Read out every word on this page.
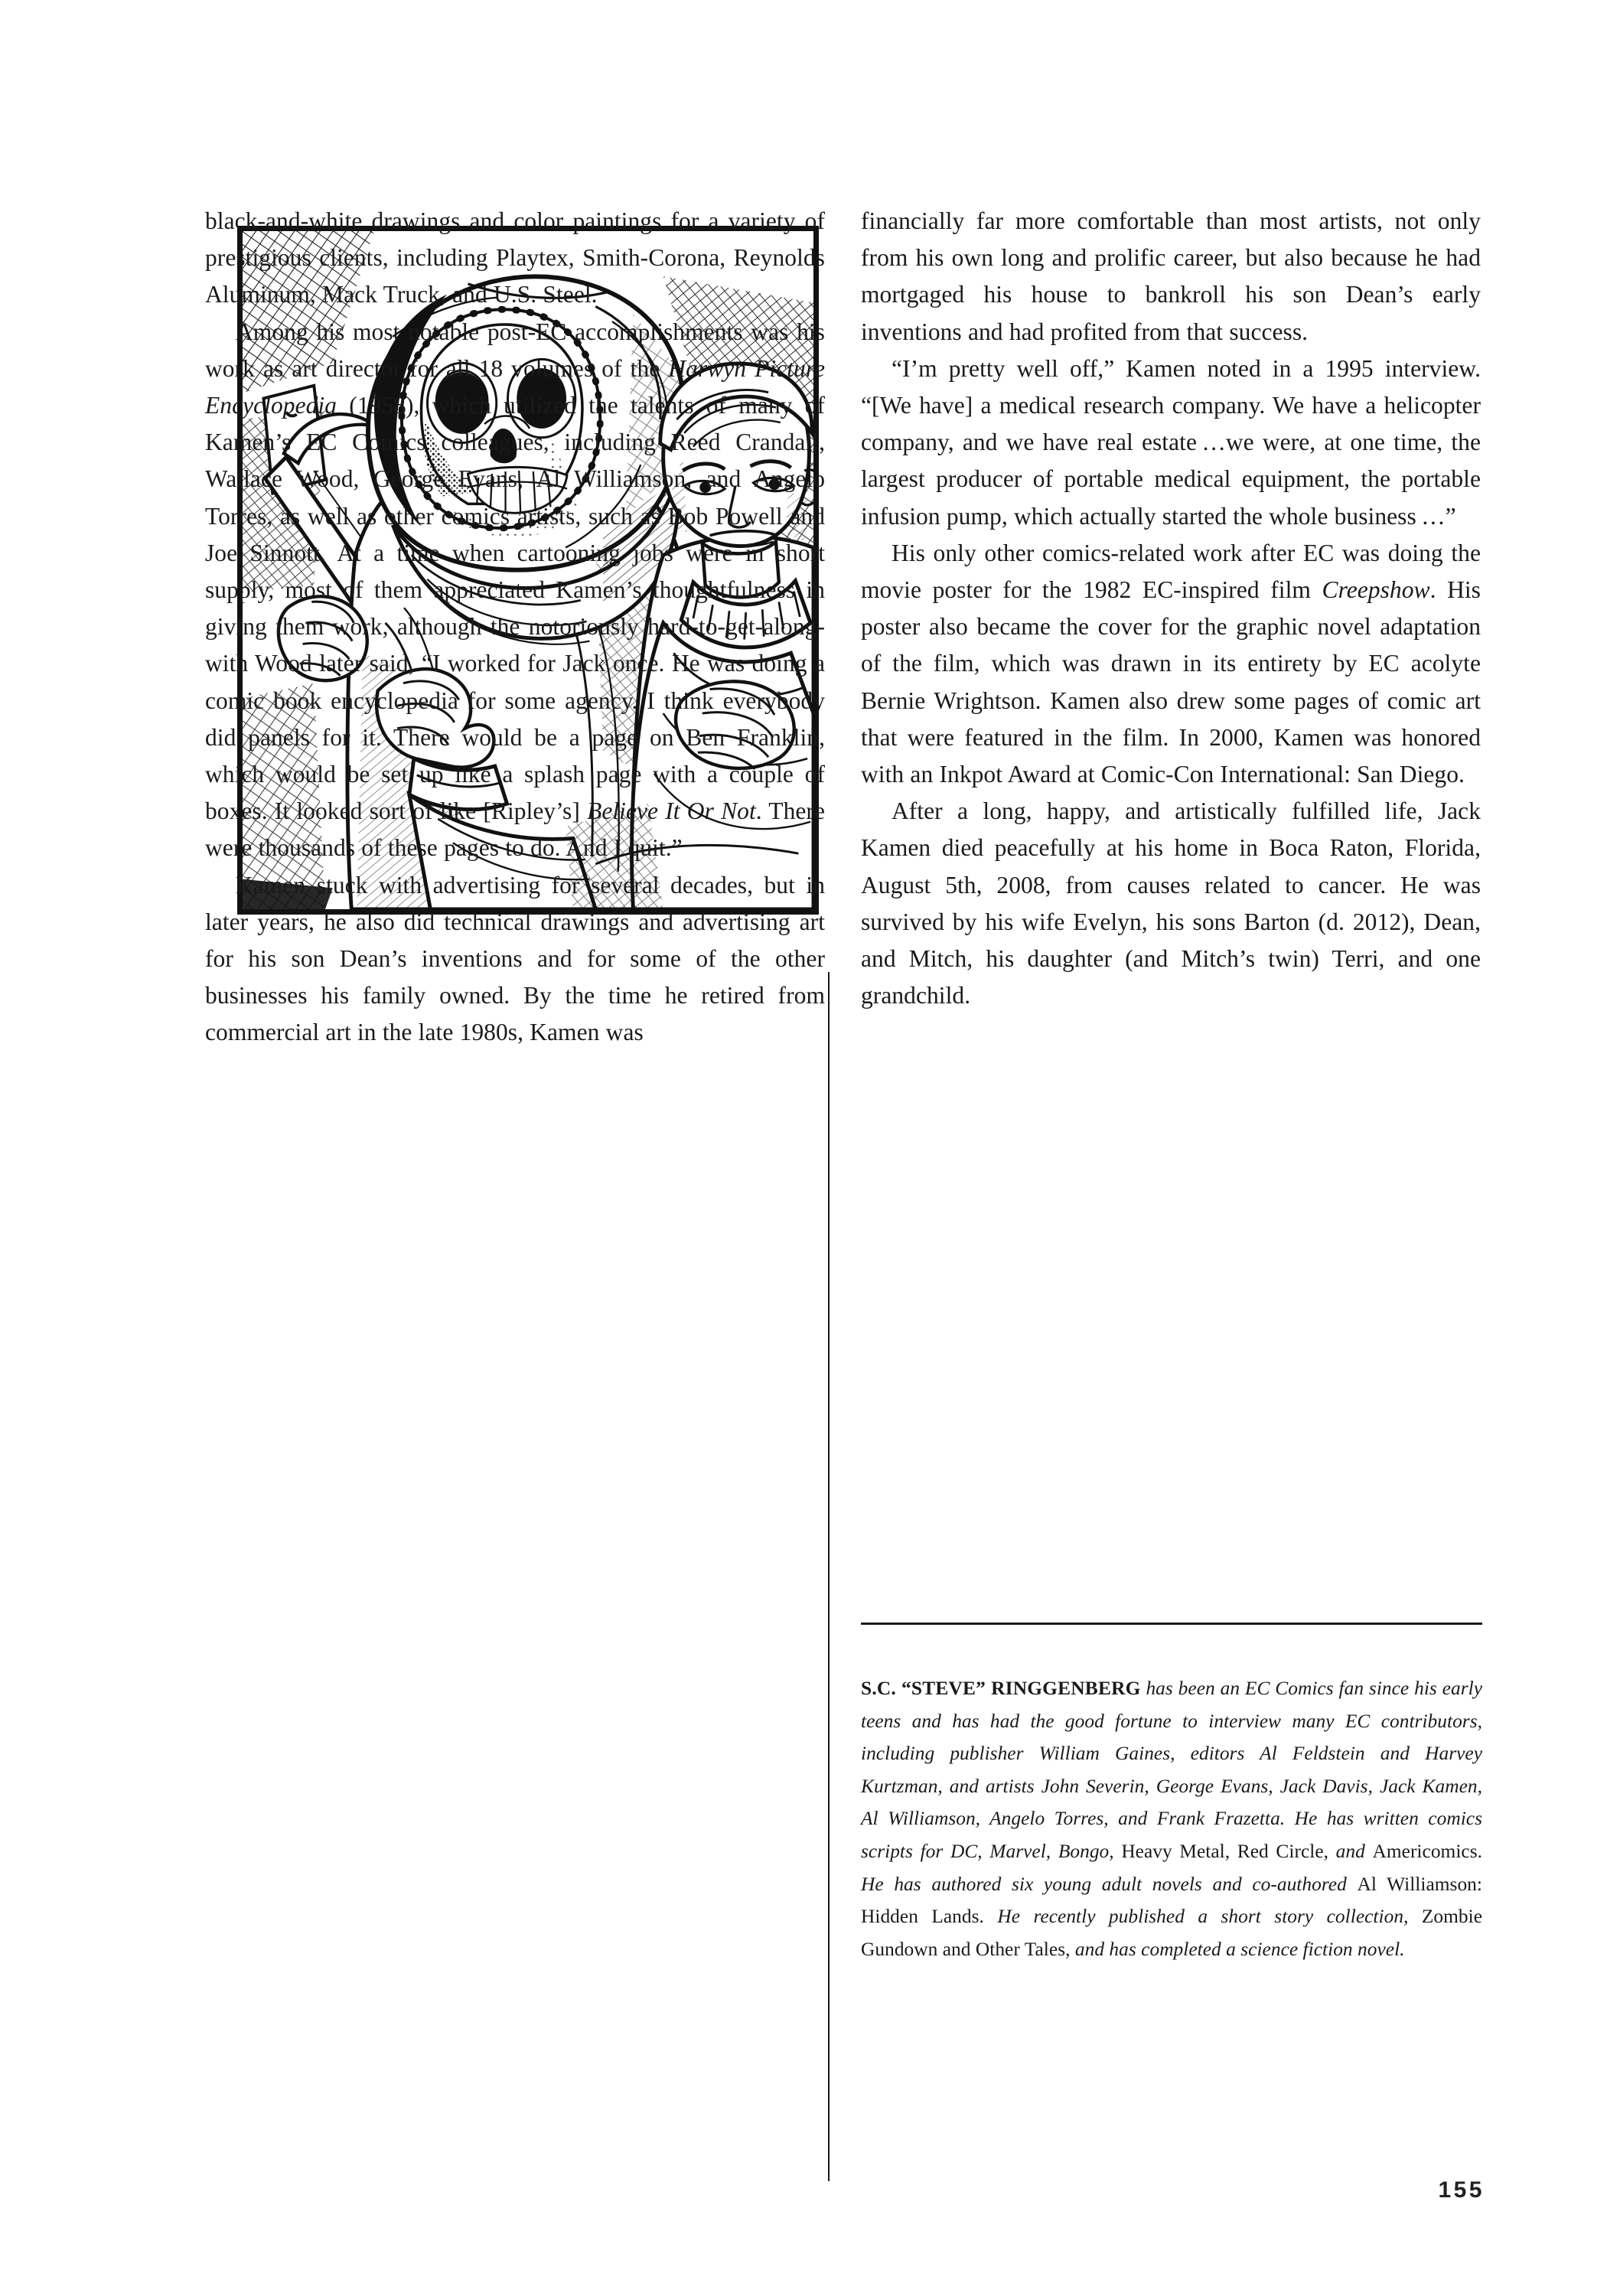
black-and-white drawings and color paintings for a variety of prestigious clients, including Playtex, Smith-Corona, Reynolds Aluminum, Mack Truck, and U.S. Steel.

Among his most notable post-EC accomplishments was his work as art director for all 18 volumes of the Harwyn Picture Encyclopedia (1958), which utilized the talents of many of Kamen’s EC Comics colleagues, including Reed Crandall, Wallace Wood, George Evans, Al Williamson, and Angelo Torres, as well as other comics artists, such as Bob Powell and Joe Sinnott. At a time when cartooning jobs were in short supply, most of them appreciated Kamen’s thoughtfulness in giving them work, although the notoriously hard-to-get-along-with Wood later said, “I worked for Jack once. He was doing a comic book encyclopedia for some agency. I think everybody did panels for it. There would be a page on Ben Franklin, which would be set up like a splash page with a couple of boxes. It looked sort of like [Ripley’s] Believe It Or Not. There were thousands of these pages to do. And I quit.”

Kamen stuck with advertising for several decades, but in later years, he also did technical drawings and advertising art for his son Dean’s inventions and for some of the other businesses his family owned. By the time he retired from commercial art in the late 1980s, Kamen was

financially far more comfortable than most artists, not only from his own long and prolific career, but also because he had mortgaged his house to bankroll his son Dean’s early inventions and had profited from that success.

“I’m pretty well off,” Kamen noted in a 1995 interview. “[We have] a medical research company. We have a helicopter company, and we have real estate …we were, at one time, the largest producer of portable medical equipment, the portable infusion pump, which actually started the whole business …”

His only other comics-related work after EC was doing the movie poster for the 1982 EC-inspired film Creepshow. His poster also became the cover for the graphic novel adaptation of the film, which was drawn in its entirety by EC acolyte Bernie Wrightson. Kamen also drew some pages of comic art that were featured in the film. In 2000, Kamen was honored with an Inkpot Award at Comic-Con International: San Diego.

After a long, happy, and artistically fulfilled life, Jack Kamen died peacefully at his home in Boca Raton, Florida, August 5th, 2008, from causes related to cancer. He was survived by his wife Evelyn, his sons Barton (d. 2012), Dean, and Mitch, his daughter (and Mitch’s twin) Terri, and one grandchild.

S.C. “STEVE” RINGGENBERG has been an EC Comics fan since his early teens and has had the good fortune to interview many EC contributors, including publisher William Gaines, editors Al Feldstein and Harvey Kurtzman, and artists John Severin, George Evans, Jack Davis, Jack Kamen, Al Williamson, Angelo Torres, and Frank Frazetta. He has written comics scripts for DC, Marvel, Bongo, Heavy Metal, Red Circle, and Americomics. He has authored six young adult novels and co-authored Al Williamson: Hidden Lands. He recently published a short story collection, Zombie Gundown and Other Tales, and has completed a science fiction novel.

155
